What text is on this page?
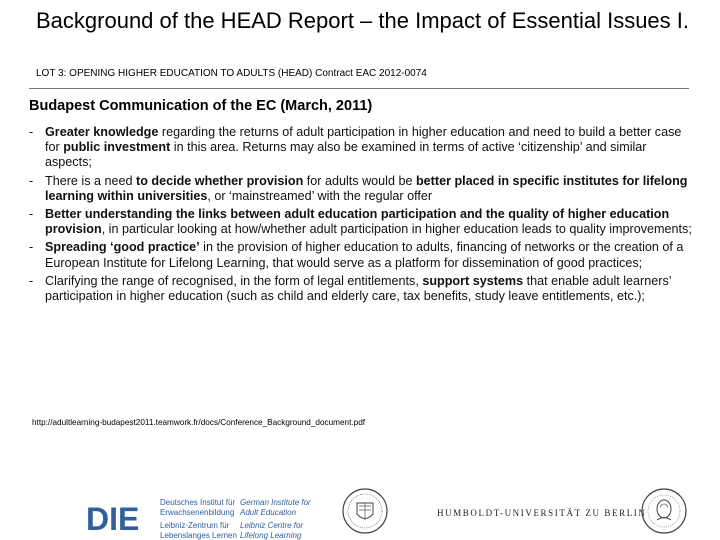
Background of the HEAD Report – the Impact of Essential Issues I.
LOT 3: OPENING HIGHER EDUCATION TO ADULTS (HEAD) Contract EAC 2012-0074
Budapest Communication of the EC (March, 2011)
- Greater knowledge regarding the returns of adult participation in higher education and need to build a better case for public investment in this area. Returns may also be examined in terms of active ‘citizenship’ and similar aspects;
- There is a need to decide whether provision for adults would be better placed in specific institutes for lifelong learning within universities, or ‘mainstreamed’ with the regular offer
- Better understanding the links between adult education participation and the quality of higher education provision, in particular looking at how/whether adult participation in higher education leads to quality improvements;
- Spreading ‘good practice’ in the provision of higher education to adults, financing of networks or the creation of a European Institute for Lifelong Learning, that would serve as a platform for dissemination of good practices;
- Clarifying the range of recognised, in the form of legal entitlements, support systems that enable adult learners’ participation in higher education (such as child and elderly care, tax benefits, study leave entitlements, etc.);
http://adultlearning-budapest2011.teamwork.fr/docs/Conference_Background_document.pdf
DIE	Deutsches Institut für
Erwachsenenbildung
Leibniz-Zentrum für
Lebenslanges Lernen
German Institute for
Adult Education
Leibniz Centre for
Lifelong Learning
HUMBOLDT-UNIVERSITÄT ZU BERLIN
